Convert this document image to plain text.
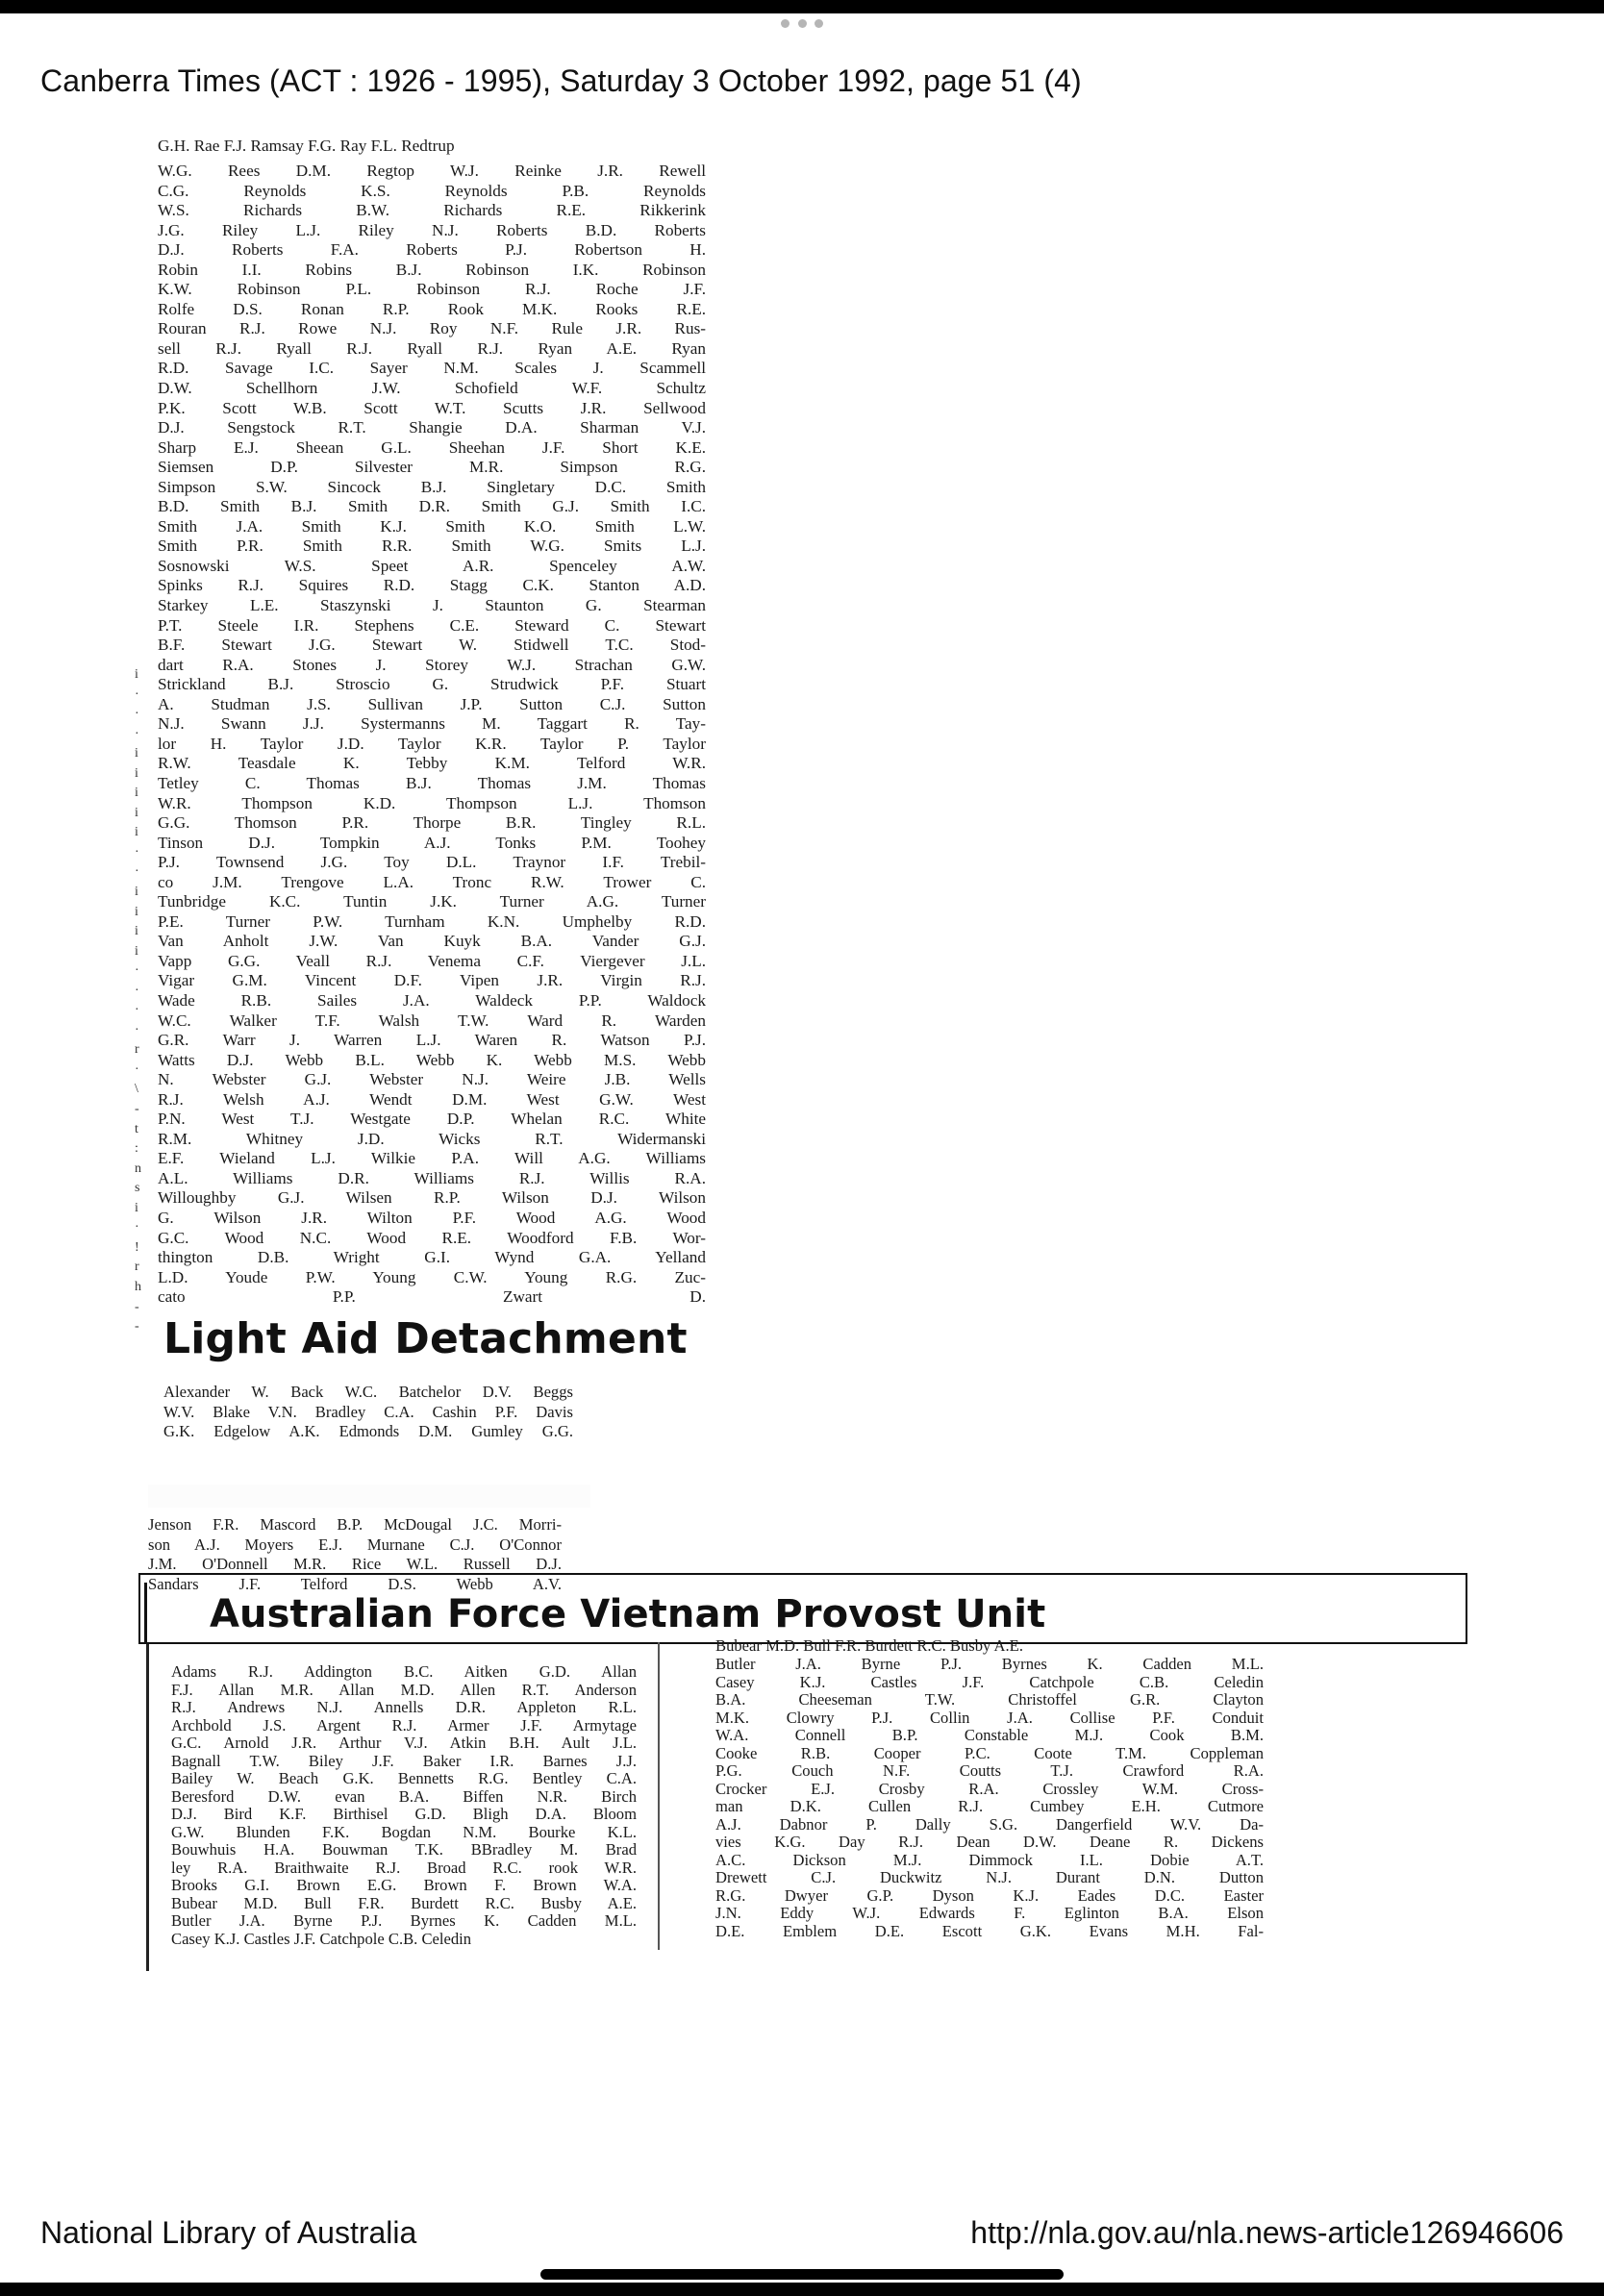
Canberra Times (ACT : 1926 - 1995), Saturday 3 October 1992, page 51 (4)
i
·
·
·
i
i
i
i
i
·
·
i
i
i
i
·
·
·
·
r
·
\
-
t
:
n
s
i
·
!
r
h
-
-
G.H. Rae F.J. Ramsay F.G. Ray F.L. Redtrup
W.G. Rees D.M. Regtop W.J. Reinke J.R. Rewell
C.G. Reynolds K.S. Reynolds P.B. Reynolds
W.S. Richards B.W. Richards R.E. Rikkerink
J.G. Riley L.J. Riley N.J. Roberts B.D. Roberts
D.J. Roberts F.A. Roberts P.J. Robertson H.
Robin I.I. Robins B.J. Robinson I.K. Robinson
K.W. Robinson P.L. Robinson R.J. Roche J.F.
Rolfe D.S. Ronan R.P. Rook M.K. Rooks R.E.
Rouran R.J. Rowe N.J. Roy N.F. Rule J.R. Rus-
sell R.J. Ryall R.J. Ryall R.J. Ryan A.E. Ryan
R.D. Savage I.C. Sayer N.M. Scales J. Scammell
D.W. Schellhorn J.W. Schofield W.F. Schultz
P.K. Scott W.B. Scott W.T. Scutts J.R. Sellwood
D.J. Sengstock R.T. Shangie D.A. Sharman V.J.
Sharp E.J. Sheean G.L. Sheehan J.F. Short K.E.
Siemsen D.P. Silvester M.R. Simpson R.G.
Simpson S.W. Sincock B.J. Singletary D.C. Smith
B.D. Smith B.J. Smith D.R. Smith G.J. Smith I.C.
Smith J.A. Smith K.J. Smith K.O. Smith L.W.
Smith P.R. Smith R.R. Smith W.G. Smits L.J.
Sosnowski W.S. Speet A.R. Spenceley A.W.
Spinks R.J. Squires R.D. Stagg C.K. Stanton A.D.
Starkey L.E. Staszynski J. Staunton G. Stearman
P.T. Steele I.R. Stephens C.E. Steward C. Stewart
B.F. Stewart J.G. Stewart W. Stidwell T.C. Stod-
dart R.A. Stones J. Storey W.J. Strachan G.W.
Strickland B.J. Stroscio G. Strudwick P.F. Stuart
A. Studman J.S. Sullivan J.P. Sutton C.J. Sutton
N.J. Swann J.J. Systermanns M. Taggart R. Tay-
lor H. Taylor J.D. Taylor K.R. Taylor P. Taylor
R.W. Teasdale K. Tebby K.M. Telford W.R.
Tetley C. Thomas B.J. Thomas J.M. Thomas
W.R. Thompson K.D. Thompson L.J. Thomson
G.G. Thomson P.R. Thorpe B.R. Tingley R.L.
Tinson D.J. Tompkin A.J. Tonks P.M. Toohey
P.J. Townsend J.G. Toy D.L. Traynor I.F. Trebil-
co J.M. Trengove L.A. Tronc R.W. Trower C.
Tunbridge K.C. Tuntin J.K. Turner A.G. Turner
P.E. Turner P.W. Turnham K.N. Umphelby R.D.
Van Anholt J.W. Van Kuyk B.A. Vander G.J.
Vapp G.G. Veall R.J. Venema C.F. Viergever J.L.
Vigar G.M. Vincent D.F. Vipen J.R. Virgin R.J.
Wade R.B. Sailes J.A. Waldeck P.P. Waldock
W.C. Walker T.F. Walsh T.W. Ward R. Warden
G.R. Warr J. Warren L.J. Waren R. Watson P.J.
Watts D.J. Webb B.L. Webb K. Webb M.S. Webb
N. Webster G.J. Webster N.J. Weire J.B. Wells
R.J. Welsh A.J. Wendt D.M. West G.W. West
P.N. West T.J. Westgate D.P. Whelan R.C. White
R.M. Whitney J.D. Wicks R.T. Widermanski
E.F. Wieland L.J. Wilkie P.A. Will A.G. Williams
A.L. Williams D.R. Williams R.J. Willis R.A.
Willoughby G.J. Wilsen R.P. Wilson D.J. Wilson
G. Wilson J.R. Wilton P.F. Wood A.G. Wood
G.C. Wood N.C. Wood R.E. Woodford F.B. Wor-
thington D.B. Wright G.I. Wynd G.A. Yelland
L.D. Youde P.W. Young C.W. Young R.G. Zuc-
cato P.P. Zwart D.
Light Aid Detachment
Alexander W. Back W.C. Batchelor D.V. Beggs
W.V. Blake V.N. Bradley C.A. Cashin P.F. Davis
G.K. Edgelow A.K. Edmonds D.M. Gumley G.G.
Jenson F.R. Mascord B.P. McDougal J.C. Morri-
son A.J. Moyers E.J. Murnane C.J. O'Connor
J.M. O'Donnell M.R. Rice W.L. Russell D.J.
Sandars J.F. Telford D.S. Webb A.V.
Australian Force Vietnam Provost Unit
Adams R.J. Addington B.C. Aitken G.D. Allan
F.J. Allan M.R. Allan M.D. Allen R.T. Anderson
R.J. Andrews N.J. Annells D.R. Appleton R.L.
Archbold J.S. Argent R.J. Armer J.F. Armytage
G.C. Arnold J.R. Arthur V.J. Atkin B.H. Ault J.L.
Bagnall T.W. Biley J.F. Baker I.R. Barnes J.J.
Bailey W. Beach G.K. Bennetts R.G. Bentley C.A.
Beresford D.W. evan B.A. Biffen N.R. Birch
D.J. Bird K.F. Birthisel G.D. Bligh D.A. Bloom
G.W. Blunden F.K. Bogdan N.M. Bourke K.L.
Bouwhuis H.A. Bouwman T.K. BBradley M. Brad
ley R.A. Braithwaite R.J. Broad R.C. rook W.R.
Brooks G.I. Brown E.G. Brown F. Brown W.A.
Bubear M.D. Bull F.R. Burdett R.C. Busby A.E.
Butler J.A. Byrne P.J. Byrnes K. Cadden M.L.
Casey K.J. Castles J.F. Catchpole C.B. Celedin
Bubear M.D. Bull F.R. Burdett R.C. Busby A.E.
Butler J.A. Byrne P.J. Byrnes K. Cadden M.L.
Casey K.J. Castles J.F. Catchpole C.B. Celedin
B.A. Cheeseman T.W. Christoffel G.R. Clayton
M.K. Clowry P.J. Collin J.A. Collise P.F. Conduit
W.A. Connell B.P. Constable M.J. Cook B.M.
Cooke R.B. Cooper P.C. Coote T.M. Coppleman
P.G. Couch N.F. Coutts T.J. Crawford R.A.
Crocker E.J. Crosby R.A. Crossley W.M. Cross-
man D.K. Cullen R.J. Cumbey E.H. Cutmore
A.J. Dabnor P. Dally S.G. Dangerfield W.V. Da-
vies K.G. Day R.J. Dean D.W. Deane R. Dickens
A.C. Dickson M.J. Dimmock I.L. Dobie A.T.
Drewett C.J. Duckwitz N.J. Durant D.N. Dutton
R.G. Dwyer G.P. Dyson K.J. Eades D.C. Easter
J.N. Eddy W.J. Edwards F. Eglinton B.A. Elson
D.E. Emblem D.E. Escott G.K. Evans M.H. Fal-
National Library of Australia	http://nla.gov.au/nla.news-article126946606
